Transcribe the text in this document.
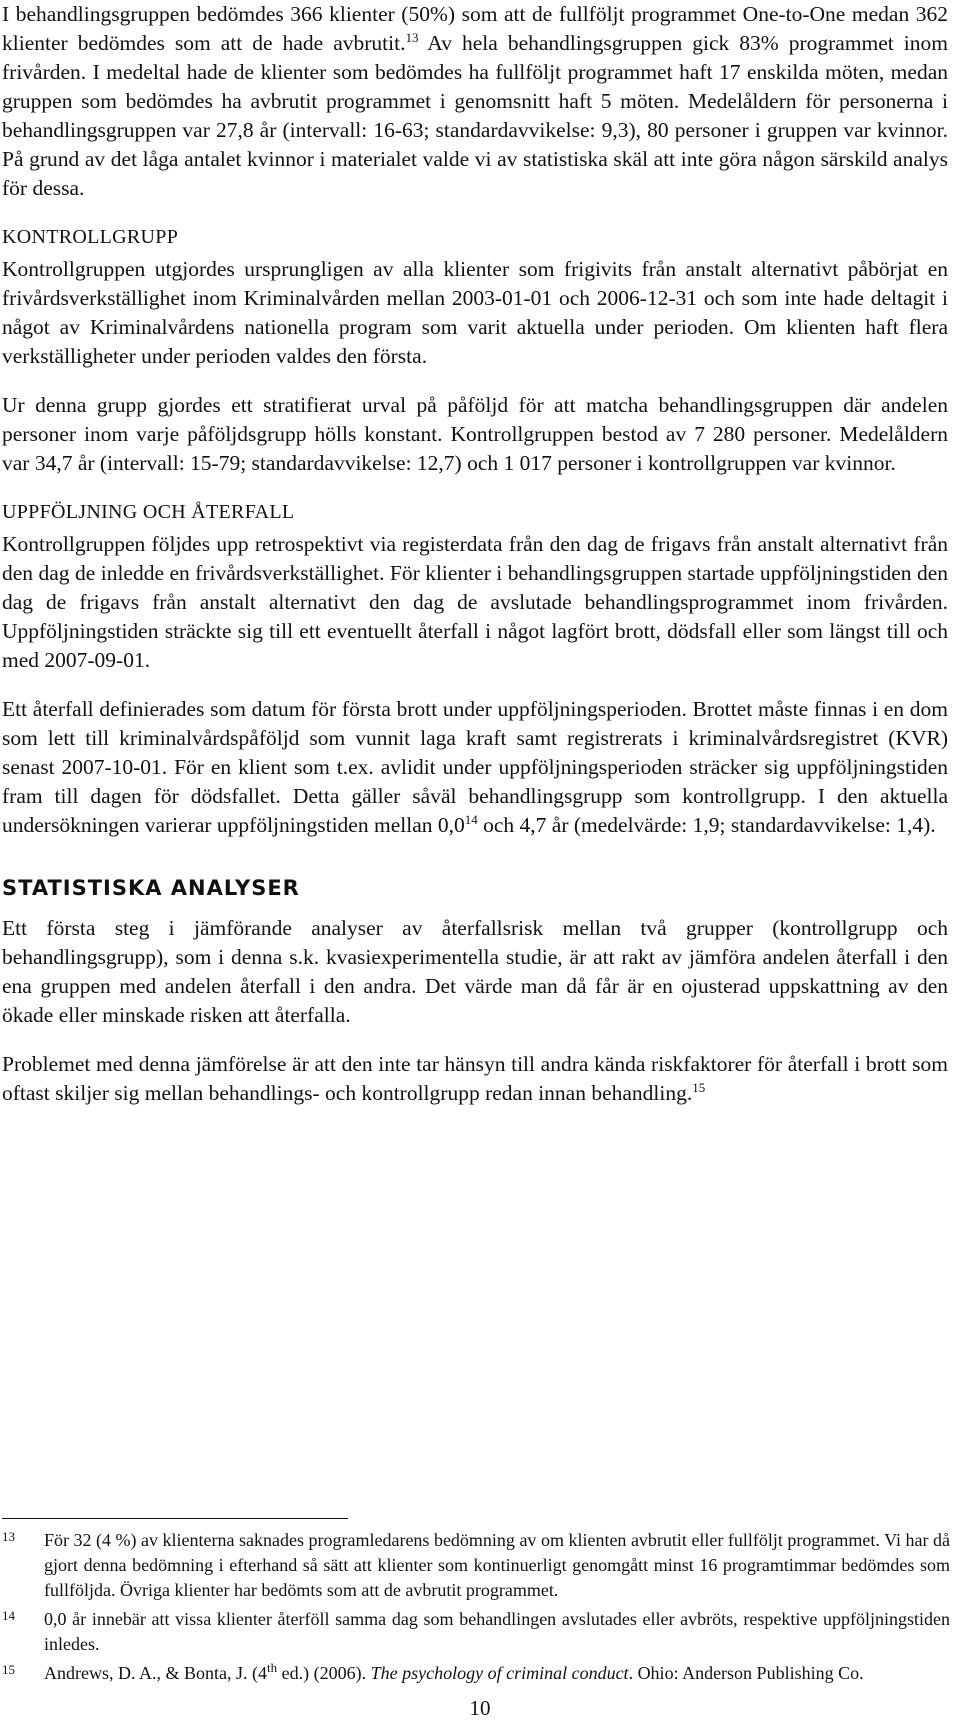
I behandlingsgruppen bedömdes 366 klienter (50%) som att de fullföljt programmet One-to-One medan 362 klienter bedömdes som att de hade avbrutit.$^{13}$ Av hela behandlingsgruppen gick 83% programmet inom frivården. I medeltal hade de klienter som bedömdes ha fullföljt programmet haft 17 enskilda möten, medan gruppen som bedömdes ha avbrutit programmet i genomsnitt haft 5 möten. Medelåldern för personerna i behandlingsgruppen var 27,8 år (intervall: 16-63; standardavvikelse: 9,3), 80 personer i gruppen var kvinnor. På grund av det låga antalet kvinnor i materialet valde vi av statistiska skäl att inte göra någon särskild analys för dessa.

KONTROLLGRUPP

Kontrollgruppen utgjordes ursprungligen av alla klienter som frigivits från anstalt alternativt påbörjat en frivårdsverkställighet inom Kriminalvården mellan 2003-01-01 och 2006-12-31 och som inte hade deltagit i något av Kriminalvårdens nationella program som varit aktuella under perioden. Om klienten haft flera verkställigheter under perioden valdes den första.

Ur denna grupp gjordes ett stratifierat urval på påföljd för att matcha behandlingsgruppen där andelen personer inom varje påföljdsgrupp hölls konstant. Kontrollgruppen bestod av 7 280 personer. Medelåldern var 34,7 år (intervall: 15-79; standardavvikelse: 12,7) och 1 017 personer i kontrollgruppen var kvinnor.

UPPFÖLJNING OCH ÅTERFALL

Kontrollgruppen följdes upp retrospektivt via registerdata från den dag de frigavs från anstalt alternativt från den dag de inledde en frivårdsverkställighet. För klienter i behandlingsgruppen startade uppföljningstiden den dag de frigavs från anstalt alternativt den dag de avslutade behandlingsprogrammet inom frivården. Uppföljningstiden sträckte sig till ett eventuellt återfall i något lagfört brott, dödsfall eller som längst till och med 2007-09-01.

Ett återfall definierades som datum för första brott under uppföljningsperioden. Brottet måste finnas i en dom som lett till kriminalvårdspåföljd som vunnit laga kraft samt registrerats i kriminalvårdsregistret (KVR) senast 2007-10-01. För en klient som t.ex. avlidit under uppföljningsperioden sträcker sig uppföljningstiden fram till dagen för dödsfallet. Detta gäller såväl behandlingsgrupp som kontrollgrupp. I den aktuella undersökningen varierar uppföljningstiden mellan $0,0^{14}$ och 4,7 år (medelvärde: 1,9; standardavvikelse: 1,4).

STATISTISKA ANALYSER

Ett första steg i jämförande analyser av återfallsrisk mellan två grupper (kontrollgrupp och behandlingsgrupp), som i denna s.k. kvasiexperimentella studie, är att rakt av jämföra andelen återfall i den ena gruppen med andelen återfall i den andra. Det värde man då får är en ojusterad uppskattning av den ökade eller minskade risken att återfalla.

Problemet med denna jämförelse är att den inte tar hänsyn till andra kända riskfaktorer för återfall i brott som oftast skiljer sig mellan behandlings- och kontrollgrupp redan innan behandling.$^{15}$

13 För 32 (4 %) av klienterna saknades programledarens bedömning av om klienten avbrutit eller fullföljt programmet. Vi har då gjort denna bedömning i efterhand så sätt att klienter som kontinuerligt genomgått minst 16 programtimmar bedömdes som fullföljda. Övriga klienter har bedömts som att de avbrutit programmet.
14 0,0 år innebär att vissa klienter återföll samma dag som behandlingen avslutades eller avbröts, respektive uppföljningstiden inledes.
15 Andrews, D. A., & Bonta, J. (4th ed.) (2006). The psychology of criminal conduct. Ohio: Anderson Publishing Co.
10
